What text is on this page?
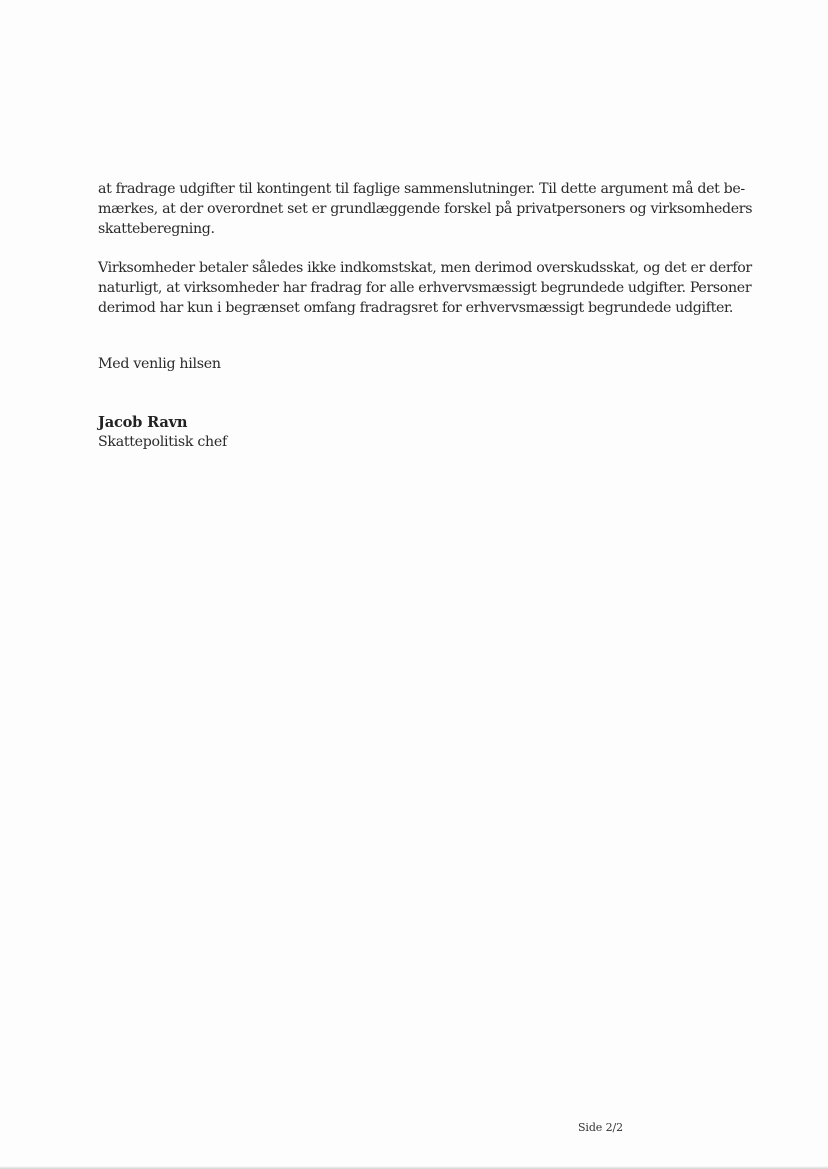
at fradrage udgifter til kontingent til faglige sammenslutninger. Til dette argument må det be-
mærkes, at der overordnet set er grundlæggende forskel på privatpersoners og virksomheders
skatteberegning.
Virksomheder betaler således ikke indkomstskat, men derimod overskudsskat, og det er derfor
naturligt, at virksomheder har fradrag for alle erhvervsmæssigt begrundede udgifter. Personer
derimod har kun i begrænset omfang fradragsret for erhvervsmæssigt begrundede udgifter.
Med venlig hilsen
Jacob Ravn
Skattepolitisk chef
Side 2/2
